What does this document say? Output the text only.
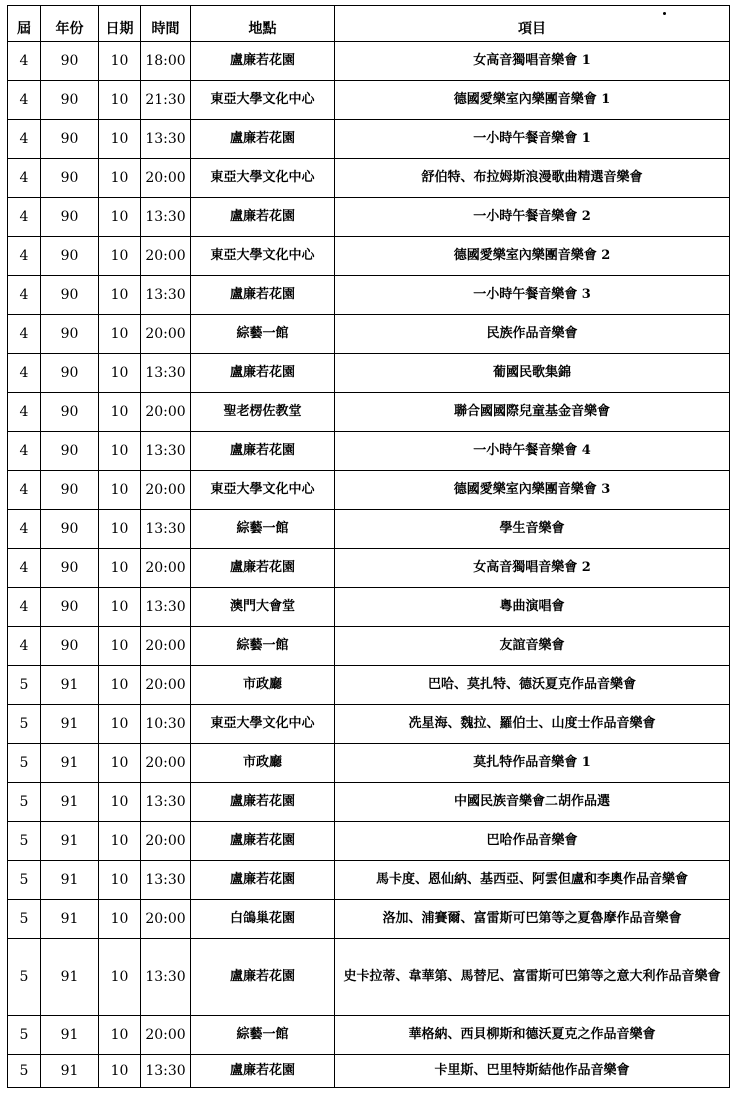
屆	年份	日期	時間	地點	項目
4	90	10	18:00	盧廉若花園	女高音獨唱音樂會 1
4	90	10	21:30	東亞大學文化中心	德國愛樂室內樂團音樂會 1
4	90	10	13:30	盧廉若花園	一小時午餐音樂會 1
4	90	10	20:00	東亞大學文化中心	舒伯特、布拉姆斯浪漫歌曲精選音樂會
4	90	10	13:30	盧廉若花園	一小時午餐音樂會 2
4	90	10	20:00	東亞大學文化中心	德國愛樂室內樂團音樂會 2
4	90	10	13:30	盧廉若花園	一小時午餐音樂會 3
4	90	10	20:00	綜藝一館	民族作品音樂會
4	90	10	13:30	盧廉若花園	葡國民歌集錦
4	90	10	20:00	聖老楞佐教堂	聯合國國際兒童基金音樂會
4	90	10	13:30	盧廉若花園	一小時午餐音樂會 4
4	90	10	20:00	東亞大學文化中心	德國愛樂室內樂團音樂會 3
4	90	10	13:30	綜藝一館	學生音樂會
4	90	10	20:00	盧廉若花園	女高音獨唱音樂會 2
4	90	10	13:30	澳門大會堂	粵曲演唱會
4	90	10	20:00	綜藝一館	友誼音樂會
5	91	10	20:00	市政廳	巴哈、莫扎特、德沃夏克作品音樂會
5	91	10	10:30	東亞大學文化中心	冼星海、魏拉、羅伯士、山度士作品音樂會
5	91	10	20:00	市政廳	莫扎特作品音樂會 1
5	91	10	13:30	盧廉若花園	中國民族音樂會二胡作品選
5	91	10	20:00	盧廉若花園	巴哈作品音樂會
5	91	10	13:30	盧廉若花園	馬卡度、恩仙納、基西亞、阿雲但盧和李奧作品音樂會
5	91	10	20:00	白鴿巢花園	洛加、浦賽爾、富雷斯可巴第等之夏魯摩作品音樂會
5	91	10	13:30	盧廉若花園	史卡拉蒂、韋華第、馬替尼、富雷斯可巴第等之意大利作品音樂會
5	91	10	20:00	綜藝一館	華格納、西貝柳斯和德沃夏克之作品音樂會
5	91	10	13:30	盧廉若花園	卡里斯、巴里特斯結他作品音樂會
